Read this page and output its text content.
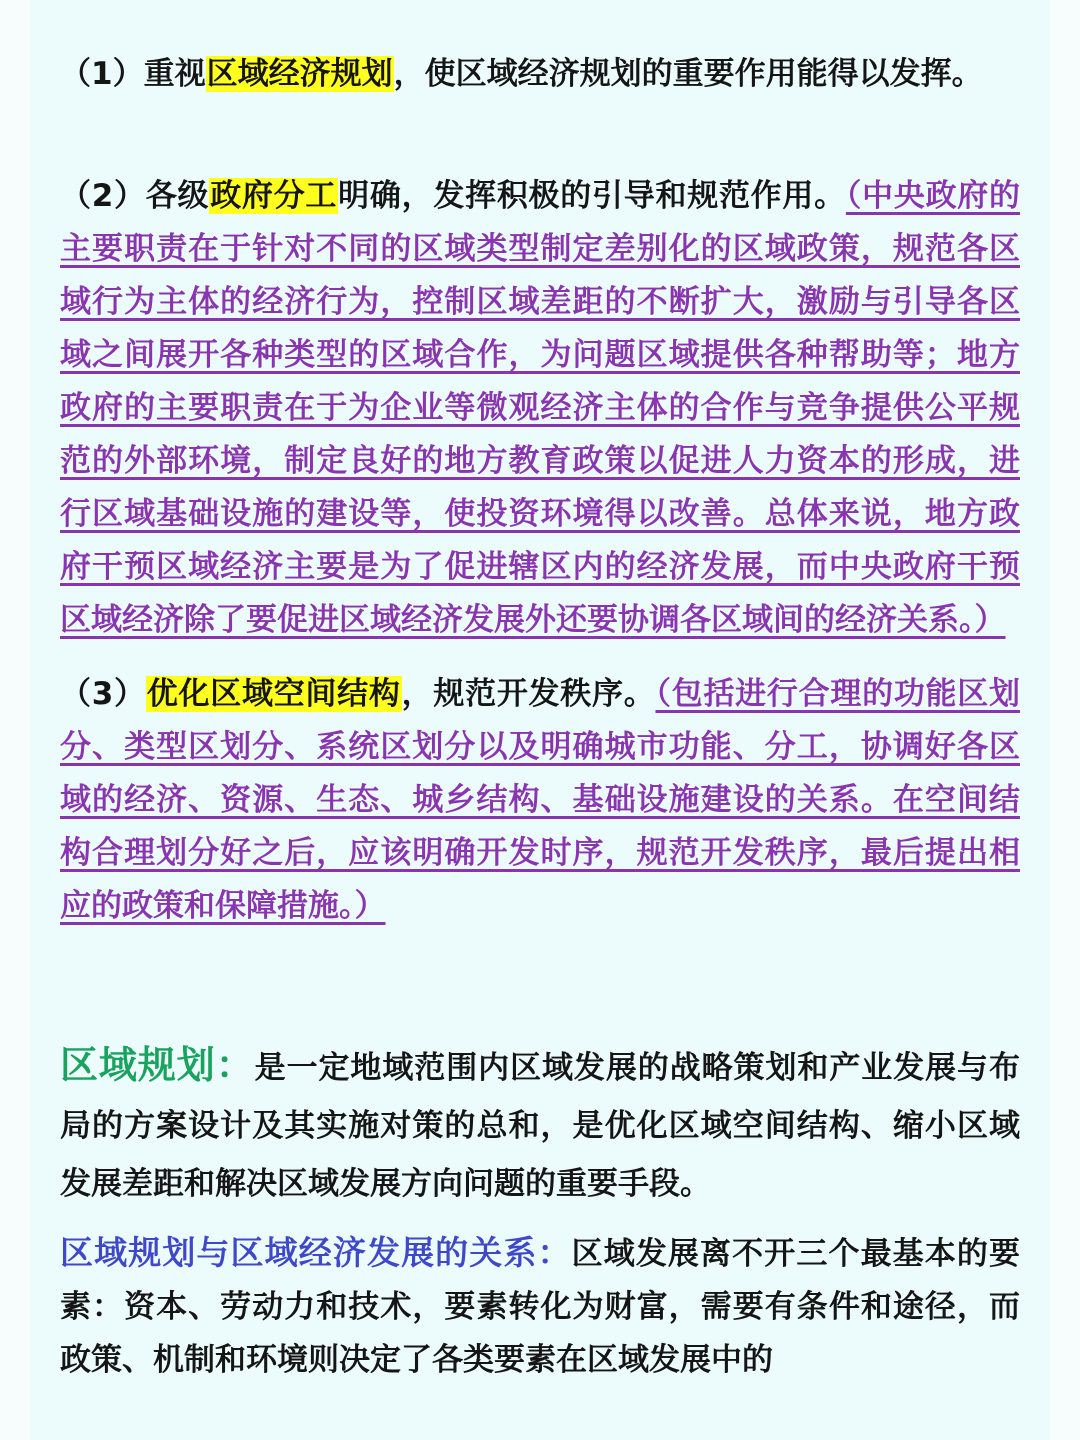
（1）重视区域经济规划，使区域经济规划的重要作用能得以发挥。

（2）各级政府分工明确，发挥积极的引导和规范作用。（中央政府的主要职责在于针对不同的区域类型制定差别化的区域政策，规范各区域行为主体的经济行为，控制区域差距的不断扩大，激励与引导各区域之间展开各种类型的区域合作，为问题区域提供各种帮助等；地方政府的主要职责在于为企业等微观经济主体的合作与竞争提供公平规范的外部环境，制定良好的地方教育政策以促进人力资本的形成，进行区域基础设施的建设等，使投资环境得以改善。总体来说，地方政府干预区域经济主要是为了促进辖区内的经济发展，而中央政府干预区域经济除了要促进区域经济发展外还要协调各区域间的经济关系。）

（3）优化区域空间结构，规范开发秩序。（包括进行合理的功能区划分、类型区划分、系统区划分以及明确城市功能、分工，协调好各区域的经济、资源、生态、城乡结构、基础设施建设的关系。在空间结构合理划分好之后，应该明确开发时序，规范开发秩序，最后提出相应的政策和保障措施。）

区域规划：是一定地域范围内区域发展的战略策划和产业发展与布局的方案设计及其实施对策的总和，是优化区域空间结构、缩小区域发展差距和解决区域发展方向问题的重要手段。

区域规划与区域经济发展的关系：区域发展离不开三个最基本的要素：资本、劳动力和技术，要素转化为财富，需要有条件和途径，而政策、机制和环境则决定了各类要素在区域发展中的
